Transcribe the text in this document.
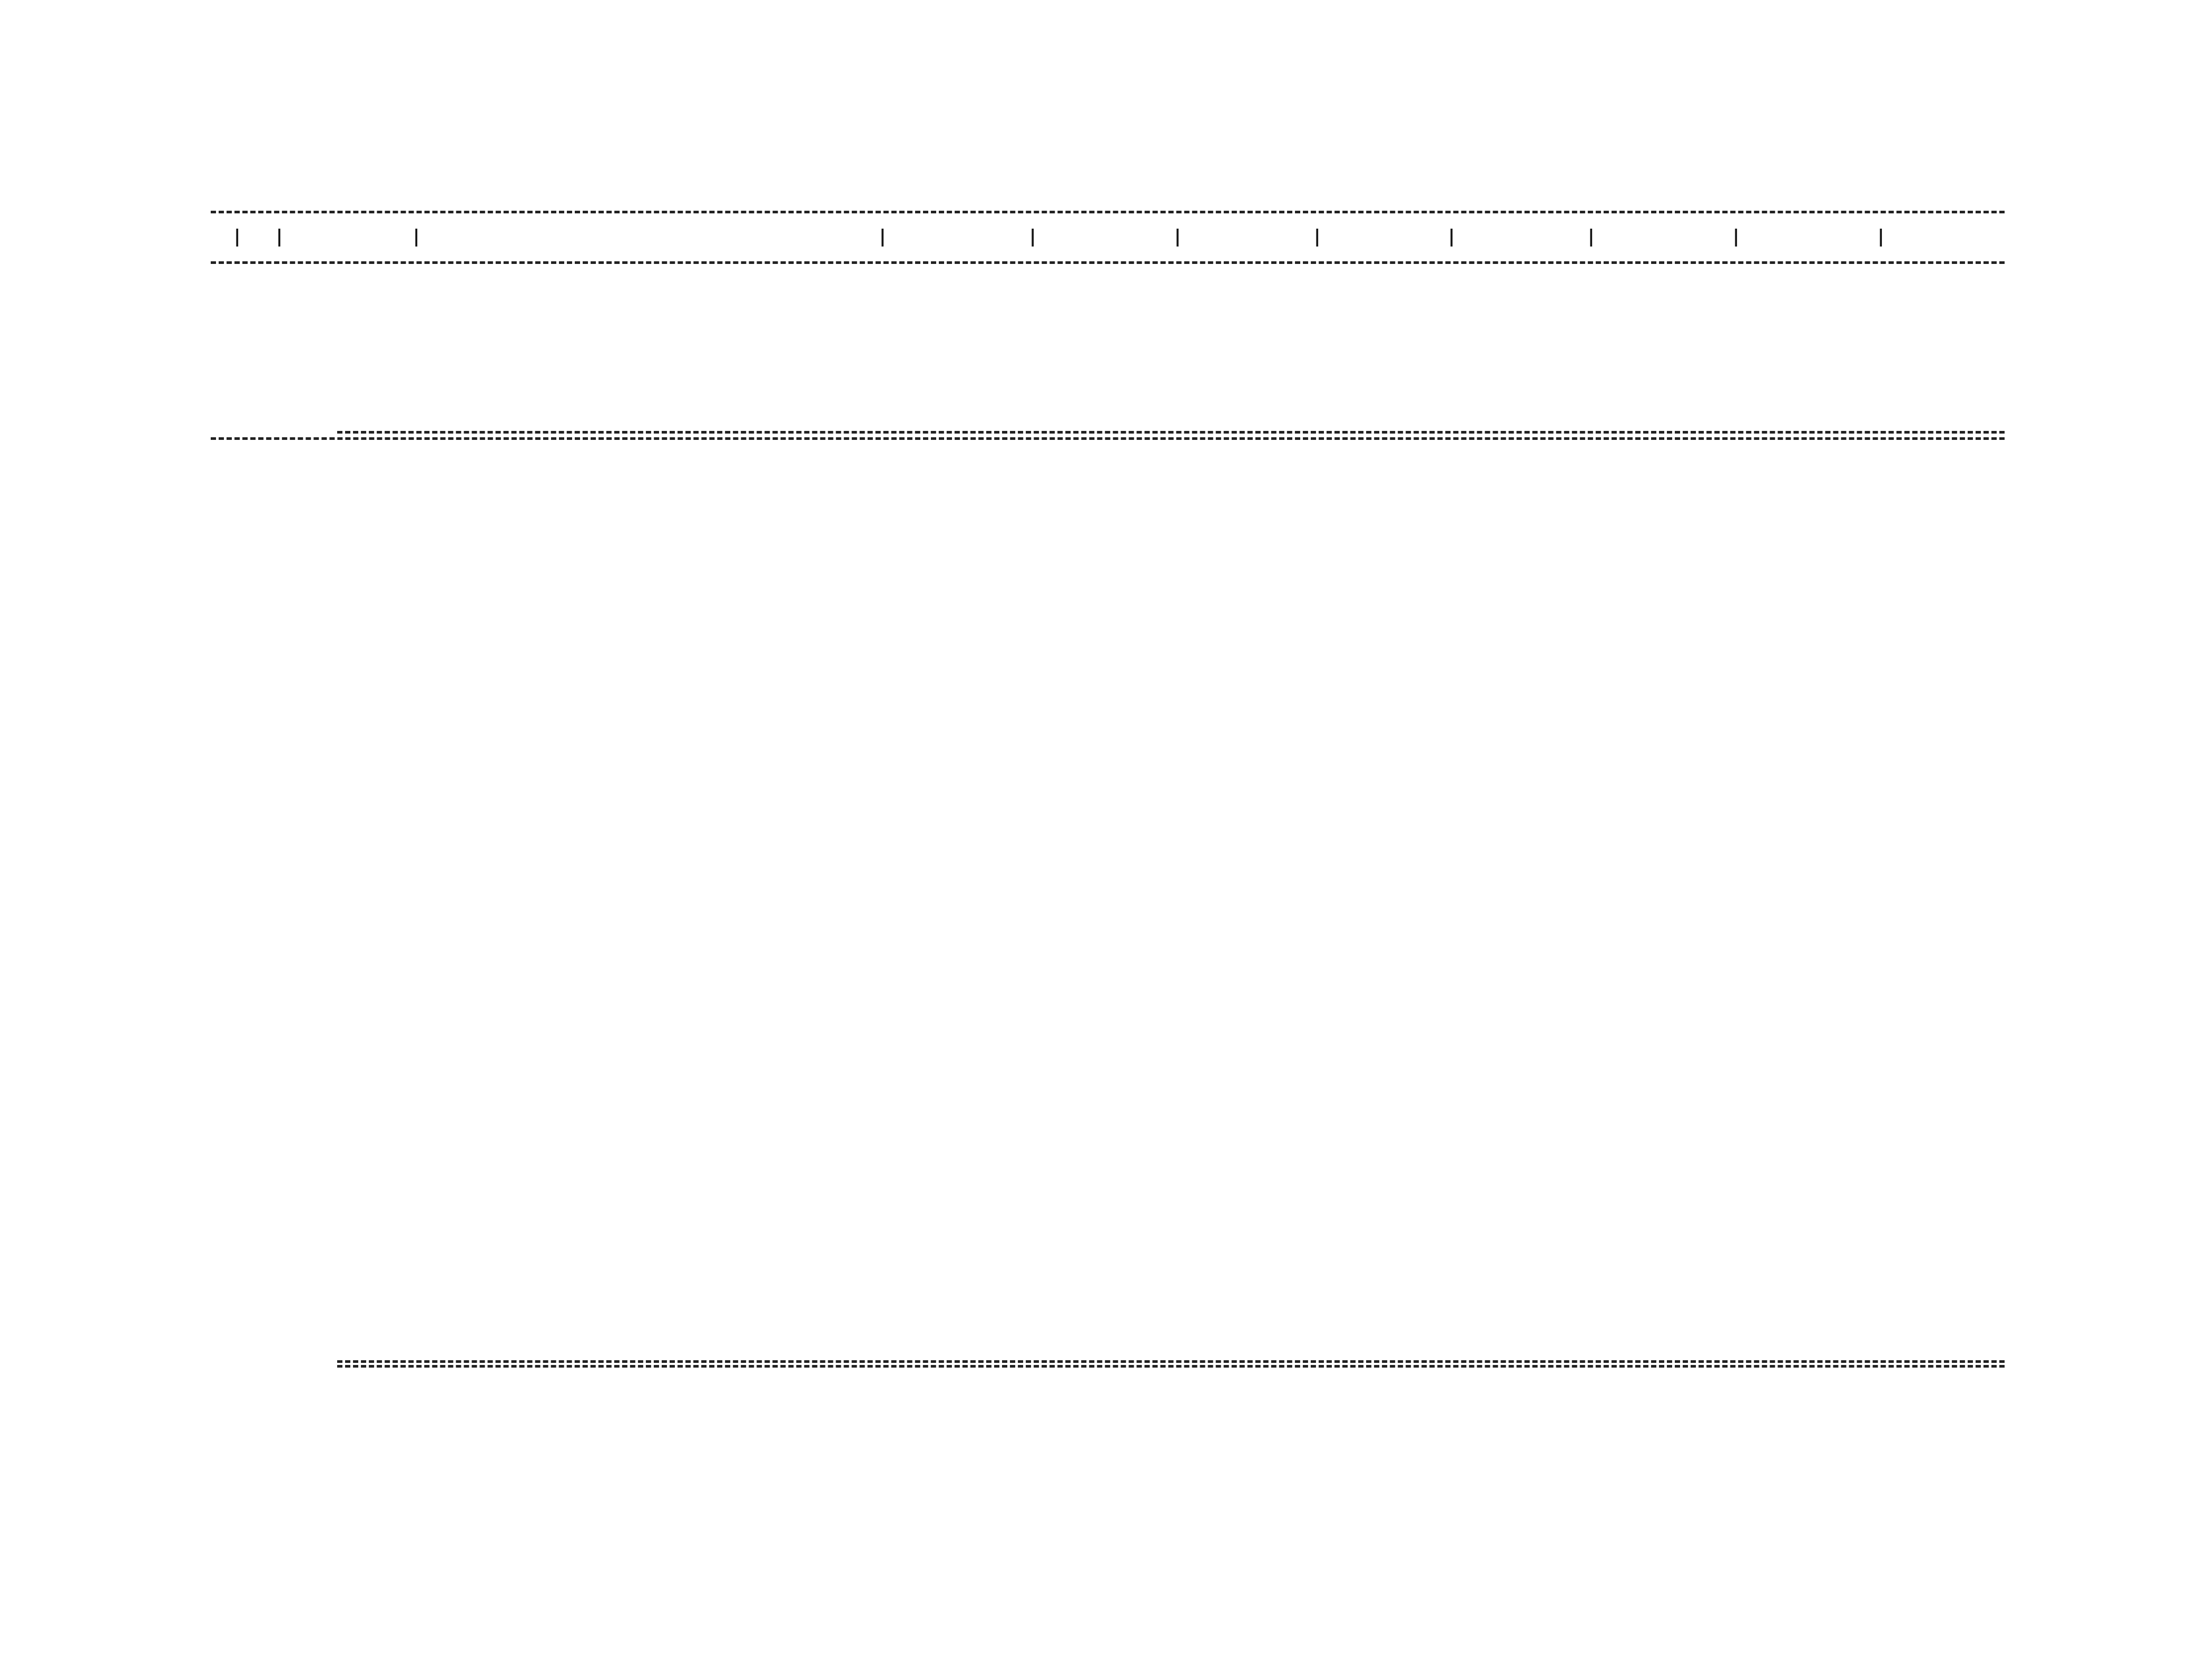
| |	|	|	|	|	|	|	|	|	|
